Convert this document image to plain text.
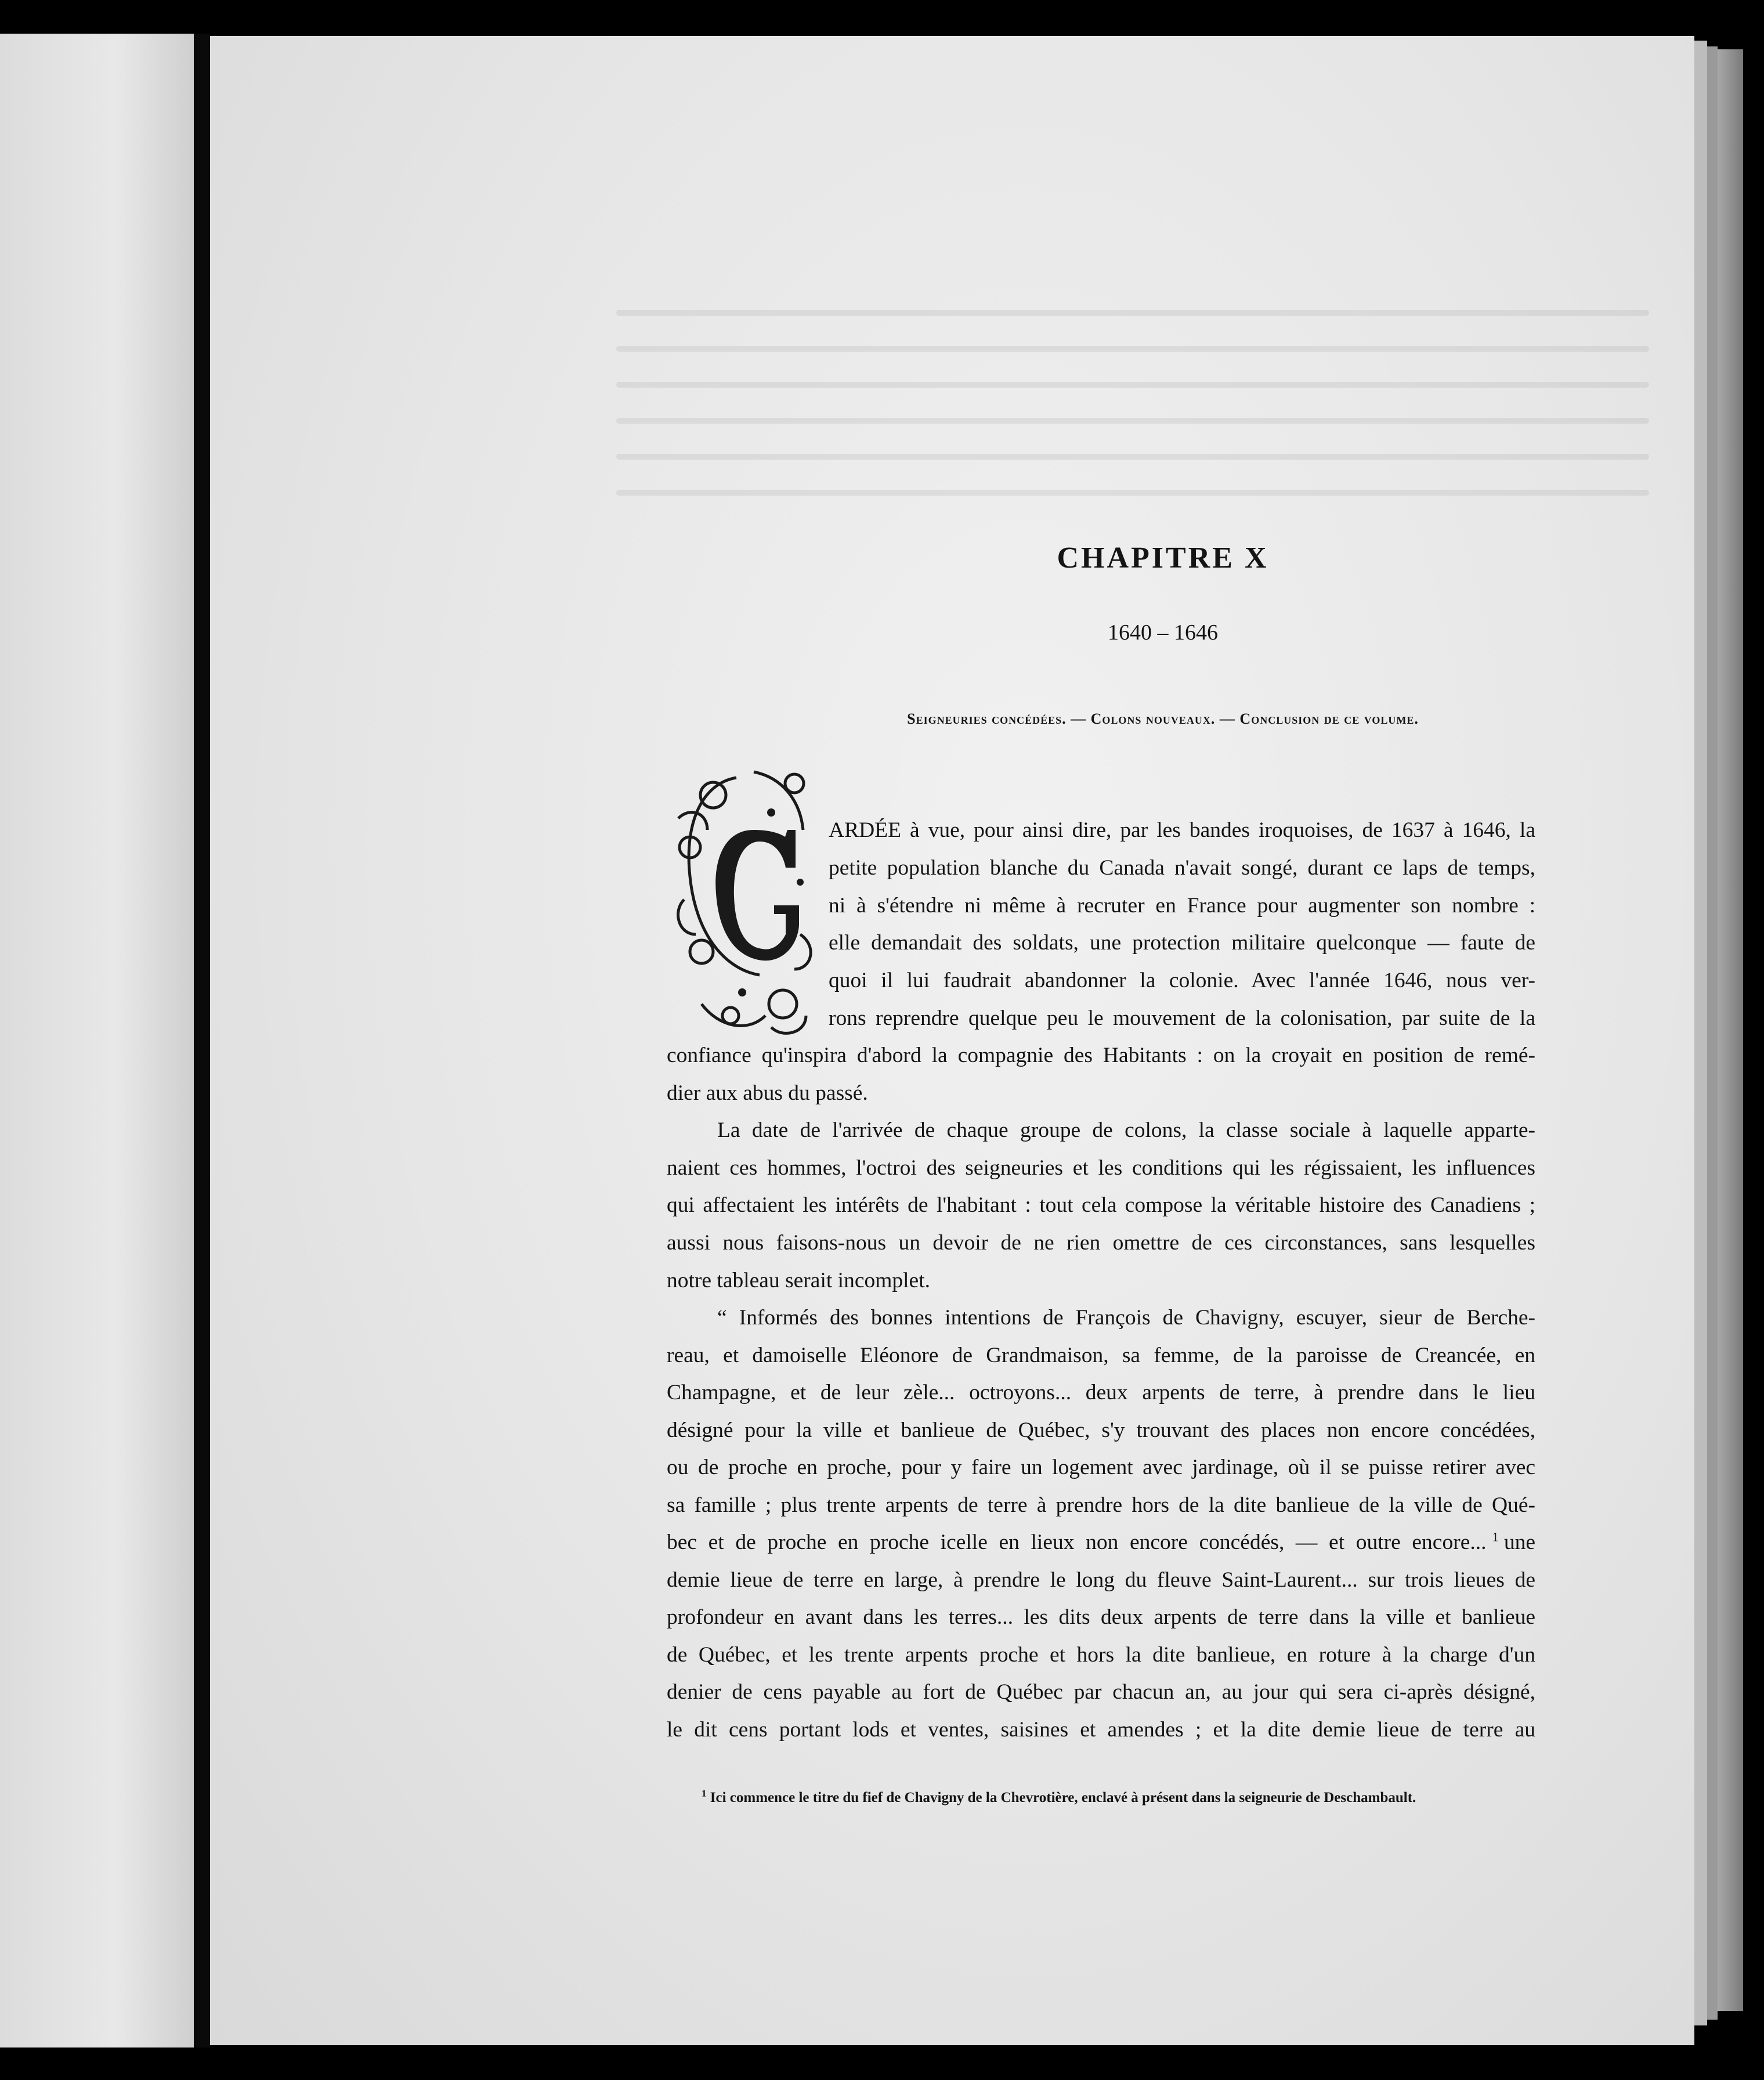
CHAPITRE X
1640 – 1646
Seigneuries concédées. — Colons nouveaux. — Conclusion de ce volume.
ARDÉE à vue, pour ainsi dire, par les bandes iroquoises, de 1637 à 1646, la
petite population blanche du Canada n'avait songé, durant ce laps de temps,
ni à s'étendre ni même à recruter en France pour augmenter son nombre :
elle demandait des soldats, une protection militaire quelconque — faute de
quoi il lui faudrait abandonner la colonie. Avec l'année 1646, nous ver-
rons reprendre quelque peu le mouvement de la colonisation, par suite de la
confiance qu'inspira d'abord la compagnie des Habitants : on la croyait en position de remé-
dier aux abus du passé.
La date de l'arrivée de chaque groupe de colons, la classe sociale à laquelle apparte-
naient ces hommes, l'octroi des seigneuries et les conditions qui les régissaient, les influences
qui affectaient les intérêts de l'habitant : tout cela compose la véritable histoire des Canadiens ;
aussi nous faisons-nous un devoir de ne rien omettre de ces circonstances, sans lesquelles
notre tableau serait incomplet.
“ Informés des bonnes intentions de François de Chavigny, escuyer, sieur de Berche-
reau, et damoiselle Eléonore de Grandmaison, sa femme, de la paroisse de Creancée, en
Champagne, et de leur zèle... octroyons... deux arpents de terre, à prendre dans le lieu
désigné pour la ville et banlieue de Québec, s'y trouvant des places non encore concédées,
ou de proche en proche, pour y faire un logement avec jardinage, où il se puisse retirer avec
sa famille ; plus trente arpents de terre à prendre hors de la dite banlieue de la ville de Qué-
bec et de proche en proche icelle en lieux non encore concédés, — et outre encore... $^1$ une
demie lieue de terre en large, à prendre le long du fleuve Saint-Laurent... sur trois lieues de
profondeur en avant dans les terres... les dits deux arpents de terre dans la ville et banlieue
de Québec, et les trente arpents proche et hors la dite banlieue, en roture à la charge d'un
denier de cens payable au fort de Québec par chacun an, au jour qui sera ci-après désigné,
le dit cens portant lods et ventes, saisines et amendes ; et la dite demie lieue de terre au
$^1$ Ici commence le titre du fief de Chavigny de la Chevrotière, enclavé à présent dans la seigneurie de Deschambault.
